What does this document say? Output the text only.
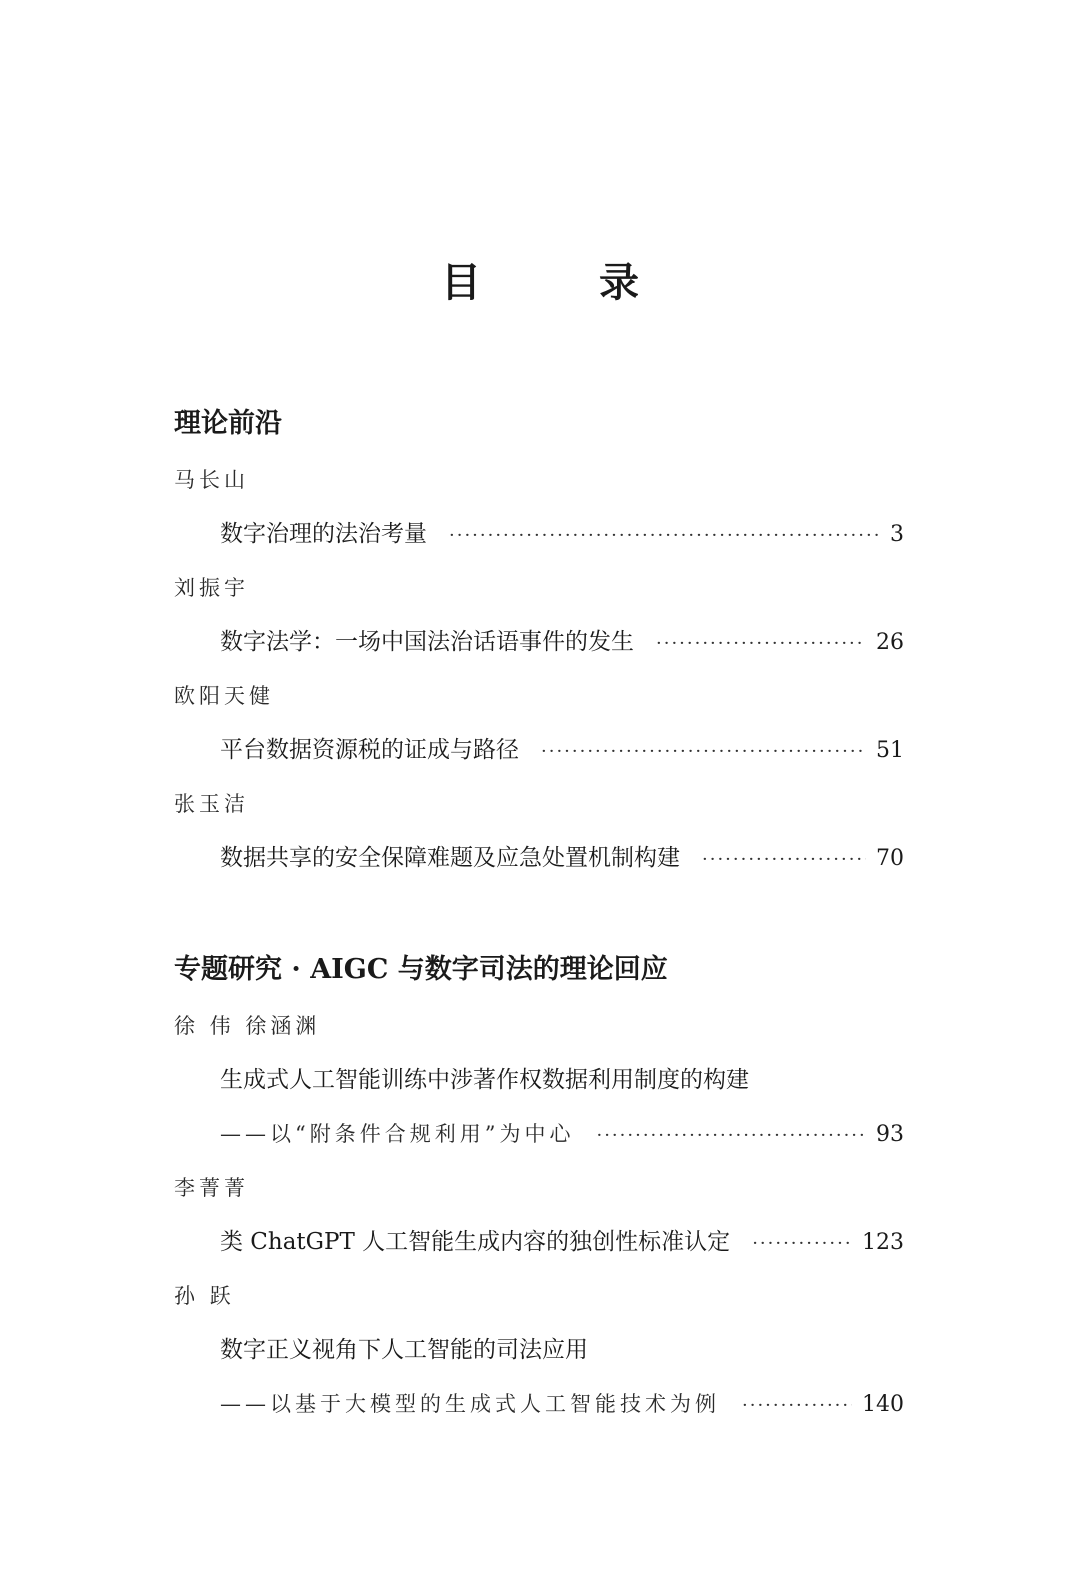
目 录
理论前沿
马长山
数字治理的法治考量 ·····	3
刘振宇
数字法学：一场中国法治话语事件的发生 ·····	26
欧阳天健
平台数据资源税的证成与路径 ·····	51
张玉洁
数据共享的安全保障难题及应急处置机制构建 ·····	70
专题研究 · AIGC 与数字司法的理论回应
徐 伟 徐涵渊
生成式人工智能训练中涉著作权数据利用制度的构建
——以“附条件合规利用”为中心 ·····	93
李菁菁
类 ChatGPT 人工智能生成内容的独创性标准认定 ·····	123
孙 跃
数字正义视角下人工智能的司法应用
——以基于大模型的生成式人工智能技术为例 ·····	140
